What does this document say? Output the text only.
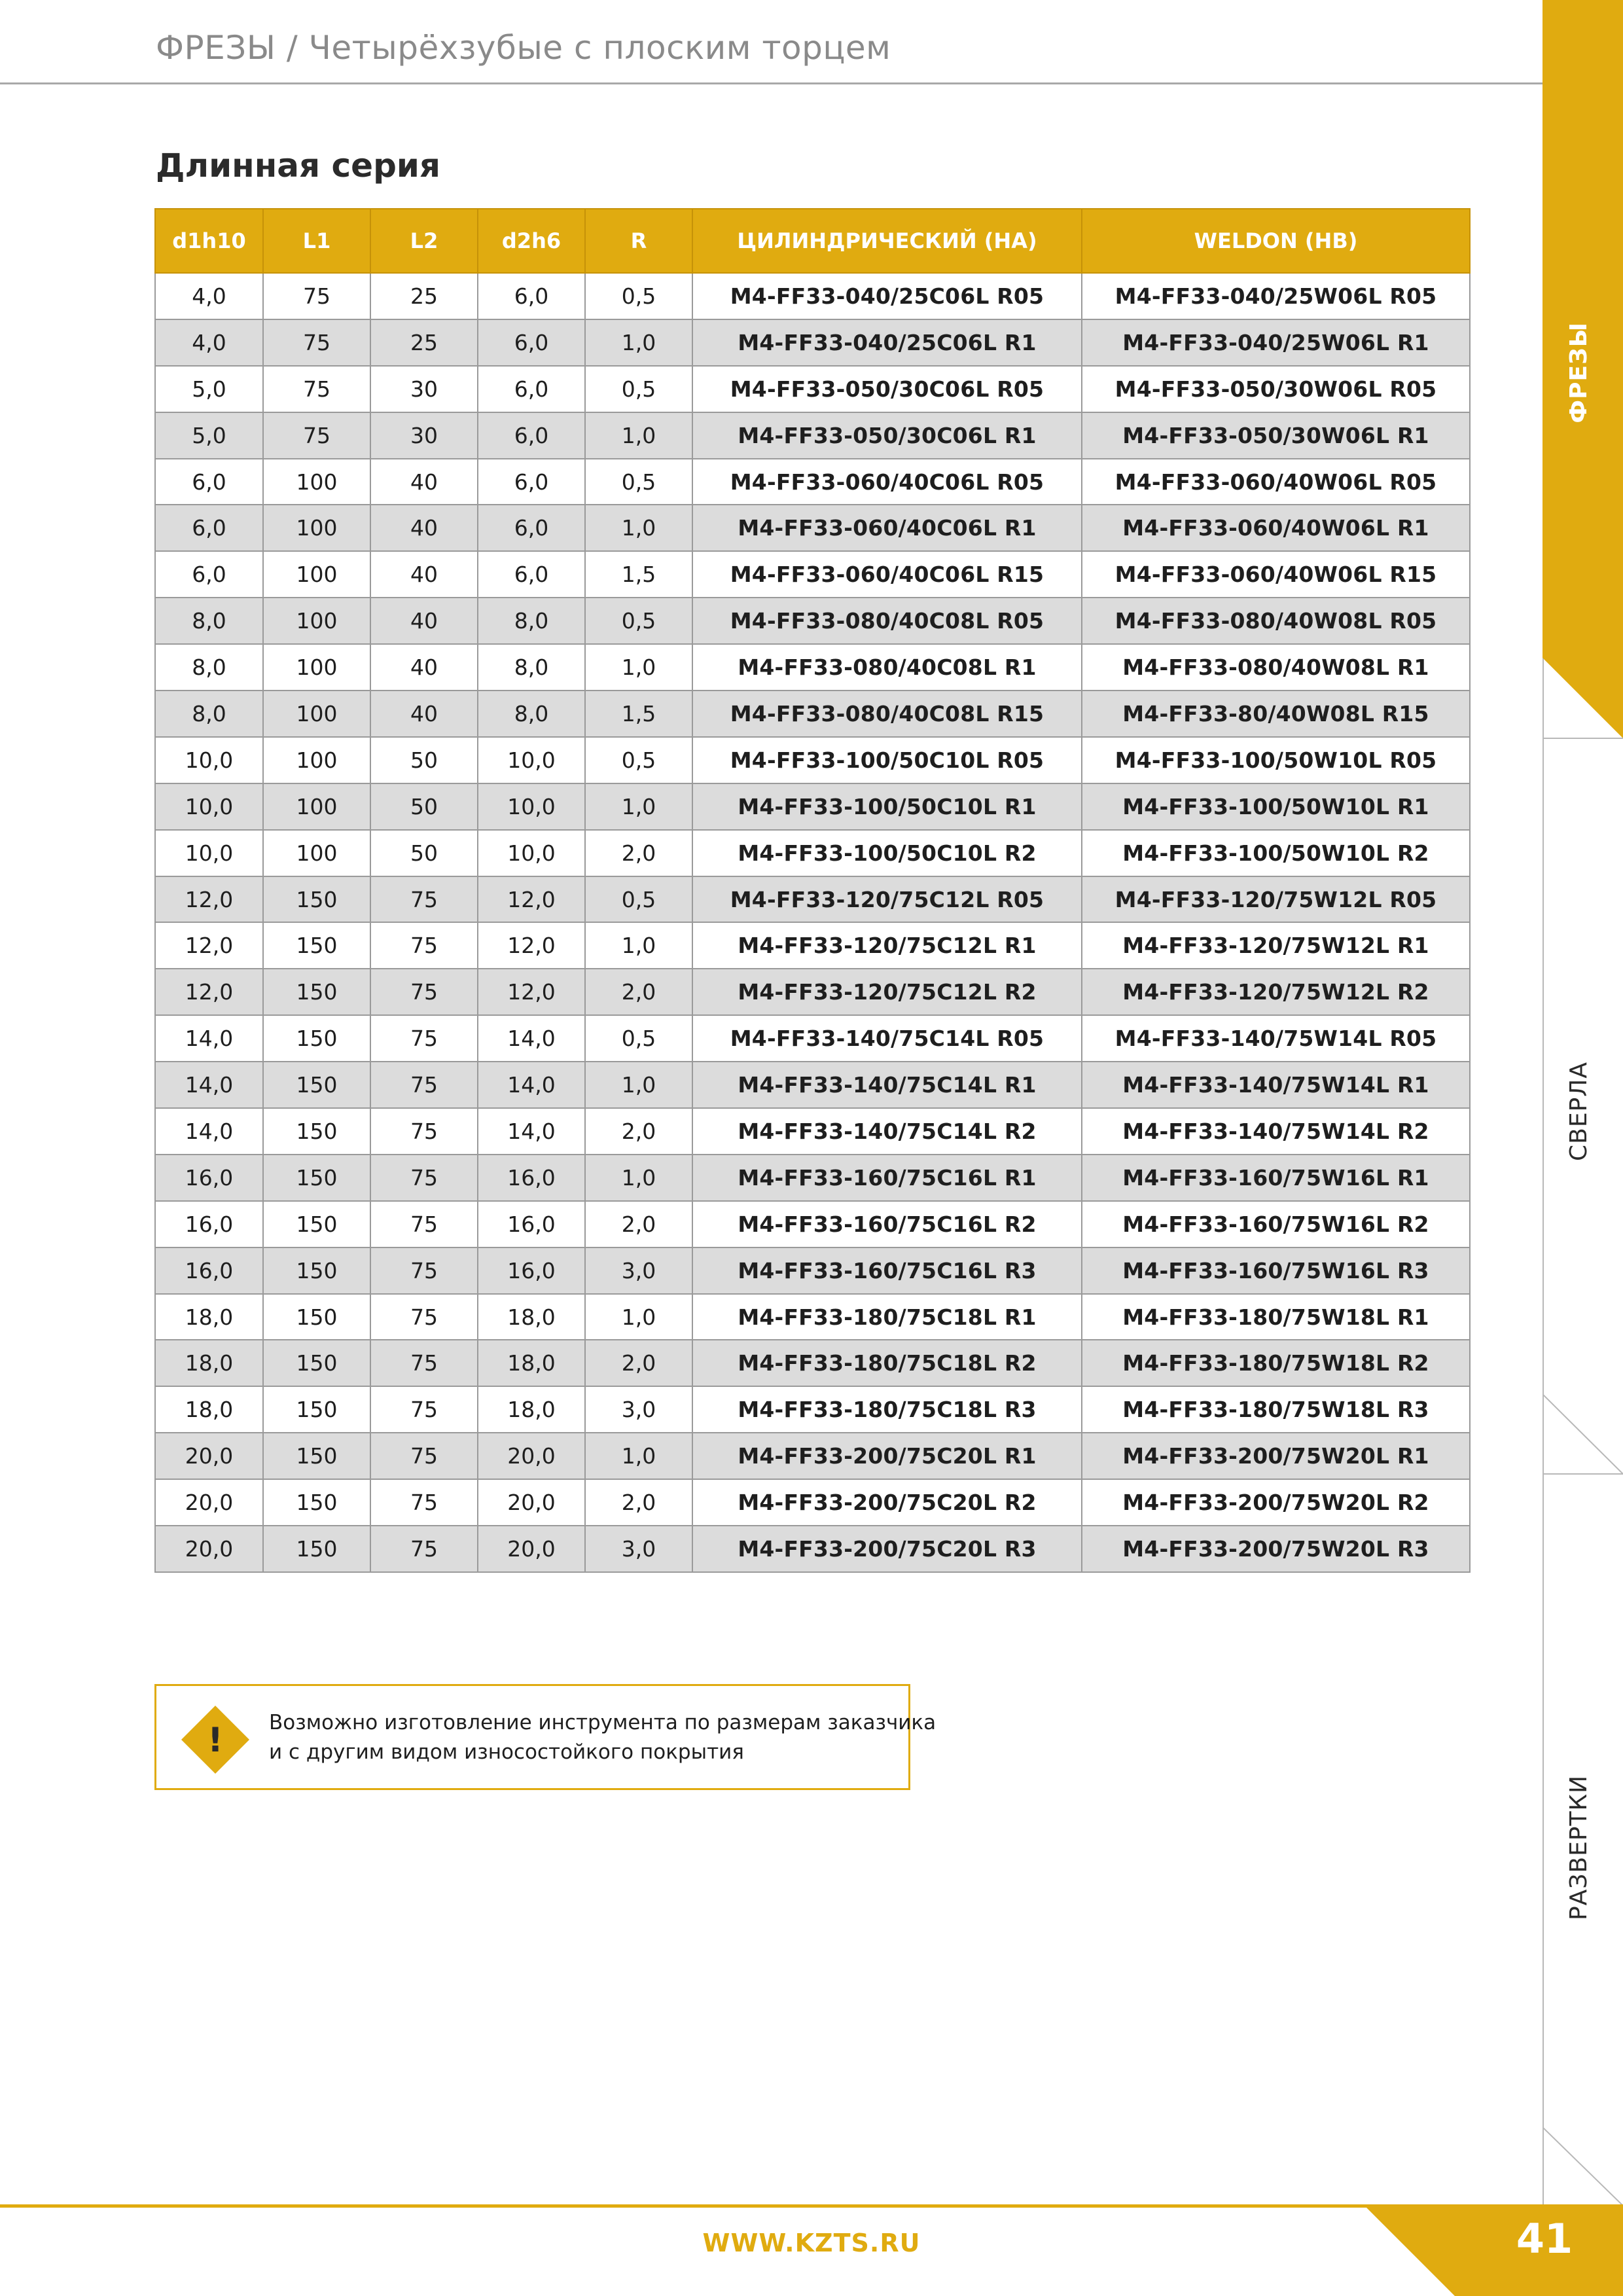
ФРЕЗЫ / Четырёхзубые с плоским торцем
Длинная серия
d1h10	L1	L2	d2h6	R	ЦИЛИНДРИЧЕСКИЙ (HA)	WELDON (HB)
4,0	75	25	6,0	0,5	M4-FF33-040/25C06L R05	M4-FF33-040/25W06L R05
4,0	75	25	6,0	1,0	M4-FF33-040/25C06L R1	M4-FF33-040/25W06L R1
5,0	75	30	6,0	0,5	M4-FF33-050/30C06L R05	M4-FF33-050/30W06L R05
5,0	75	30	6,0	1,0	M4-FF33-050/30C06L R1	M4-FF33-050/30W06L R1
6,0	100	40	6,0	0,5	M4-FF33-060/40C06L R05	M4-FF33-060/40W06L R05
6,0	100	40	6,0	1,0	M4-FF33-060/40C06L R1	M4-FF33-060/40W06L R1
6,0	100	40	6,0	1,5	M4-FF33-060/40C06L R15	M4-FF33-060/40W06L R15
8,0	100	40	8,0	0,5	M4-FF33-080/40C08L R05	M4-FF33-080/40W08L R05
8,0	100	40	8,0	1,0	M4-FF33-080/40C08L R1	M4-FF33-080/40W08L R1
8,0	100	40	8,0	1,5	M4-FF33-080/40C08L R15	M4-FF33-80/40W08L R15
10,0	100	50	10,0	0,5	M4-FF33-100/50C10L R05	M4-FF33-100/50W10L R05
10,0	100	50	10,0	1,0	M4-FF33-100/50C10L R1	M4-FF33-100/50W10L R1
10,0	100	50	10,0	2,0	M4-FF33-100/50C10L R2	M4-FF33-100/50W10L R2
12,0	150	75	12,0	0,5	M4-FF33-120/75C12L R05	M4-FF33-120/75W12L R05
12,0	150	75	12,0	1,0	M4-FF33-120/75C12L R1	M4-FF33-120/75W12L R1
12,0	150	75	12,0	2,0	M4-FF33-120/75C12L R2	M4-FF33-120/75W12L R2
14,0	150	75	14,0	0,5	M4-FF33-140/75C14L R05	M4-FF33-140/75W14L R05
14,0	150	75	14,0	1,0	M4-FF33-140/75C14L R1	M4-FF33-140/75W14L R1
14,0	150	75	14,0	2,0	M4-FF33-140/75C14L R2	M4-FF33-140/75W14L R2
16,0	150	75	16,0	1,0	M4-FF33-160/75C16L R1	M4-FF33-160/75W16L R1
16,0	150	75	16,0	2,0	M4-FF33-160/75C16L R2	M4-FF33-160/75W16L R2
16,0	150	75	16,0	3,0	M4-FF33-160/75C16L R3	M4-FF33-160/75W16L R3
18,0	150	75	18,0	1,0	M4-FF33-180/75C18L R1	M4-FF33-180/75W18L R1
18,0	150	75	18,0	2,0	M4-FF33-180/75C18L R2	M4-FF33-180/75W18L R2
18,0	150	75	18,0	3,0	M4-FF33-180/75C18L R3	M4-FF33-180/75W18L R3
20,0	150	75	20,0	1,0	M4-FF33-200/75C20L R1	M4-FF33-200/75W20L R1
20,0	150	75	20,0	2,0	M4-FF33-200/75C20L R2	M4-FF33-200/75W20L R2
20,0	150	75	20,0	3,0	M4-FF33-200/75C20L R3	M4-FF33-200/75W20L R3
! Возможно изготовление инструмента по размерам заказчика
и с другим видом износостойкого покрытия
ФРЕЗЫ
СВЕРЛА
РАЗВЕРТКИ
WWW.KZTS.RU	41
